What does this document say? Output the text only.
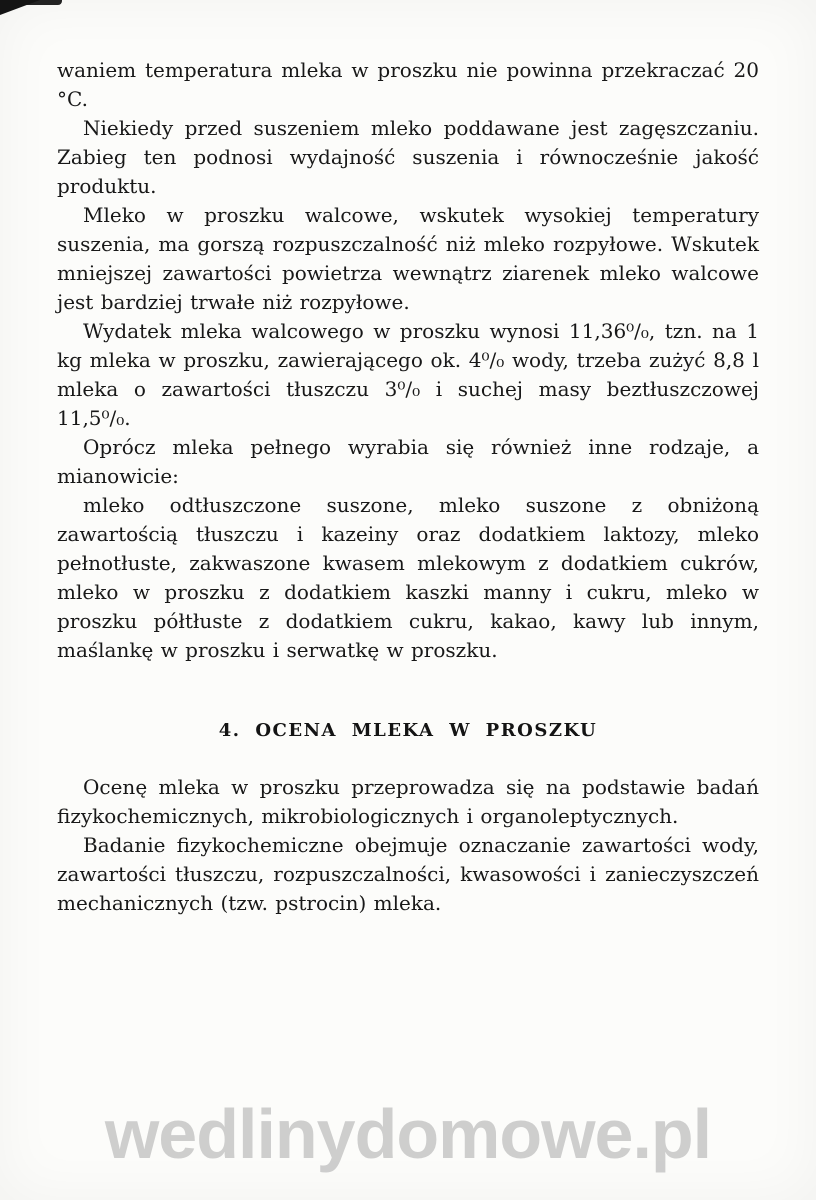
waniem temperatura mleka w proszku nie powinna przekraczać 20 °C.

Niekiedy przed suszeniem mleko poddawane jest zagęszczaniu. Zabieg ten podnosi wydajność suszenia i równocześnie jakość produktu.

Mleko w proszku walcowe, wskutek wysokiej temperatury suszenia, ma gorszą rozpuszczalność niż mleko rozpyłowe. Wskutek mniejszej zawartości powietrza wewnątrz ziarenek mleko walcowe jest bardziej trwałe niż rozpyłowe.

Wydatek mleka walcowego w proszku wynosi 11,36⁰/₀, tzn. na 1 kg mleka w proszku, zawierającego ok. 4⁰/₀ wody, trzeba zużyć 8,8 l mleka o zawartości tłuszczu 3⁰/₀ i suchej masy beztłuszczowej 11,5⁰/₀.

Oprócz mleka pełnego wyrabia się również inne rodzaje, a mianowicie:

mleko odtłuszczone suszone, mleko suszone z obniżoną zawartością tłuszczu i kazeiny oraz dodatkiem laktozy, mleko pełnotłuste, zakwaszone kwasem mlekowym z dodatkiem cukrów, mleko w proszku z dodatkiem kaszki manny i cukru, mleko w proszku półtłuste z dodatkiem cukru, kakao, kawy lub innym, maślankę w proszku i serwatkę w proszku.

4. OCENA MLEKA W PROSZKU

Ocenę mleka w proszku przeprowadza się na podstawie badań fizykochemicznych, mikrobiologicznych i organoleptycznych.

Badanie fizykochemiczne obejmuje oznaczanie zawartości wody, zawartości tłuszczu, rozpuszczalności, kwasowości i zanieczyszczeń mechanicznych (tzw. pstrocin) mleka.

wedlinydomowe.pl
